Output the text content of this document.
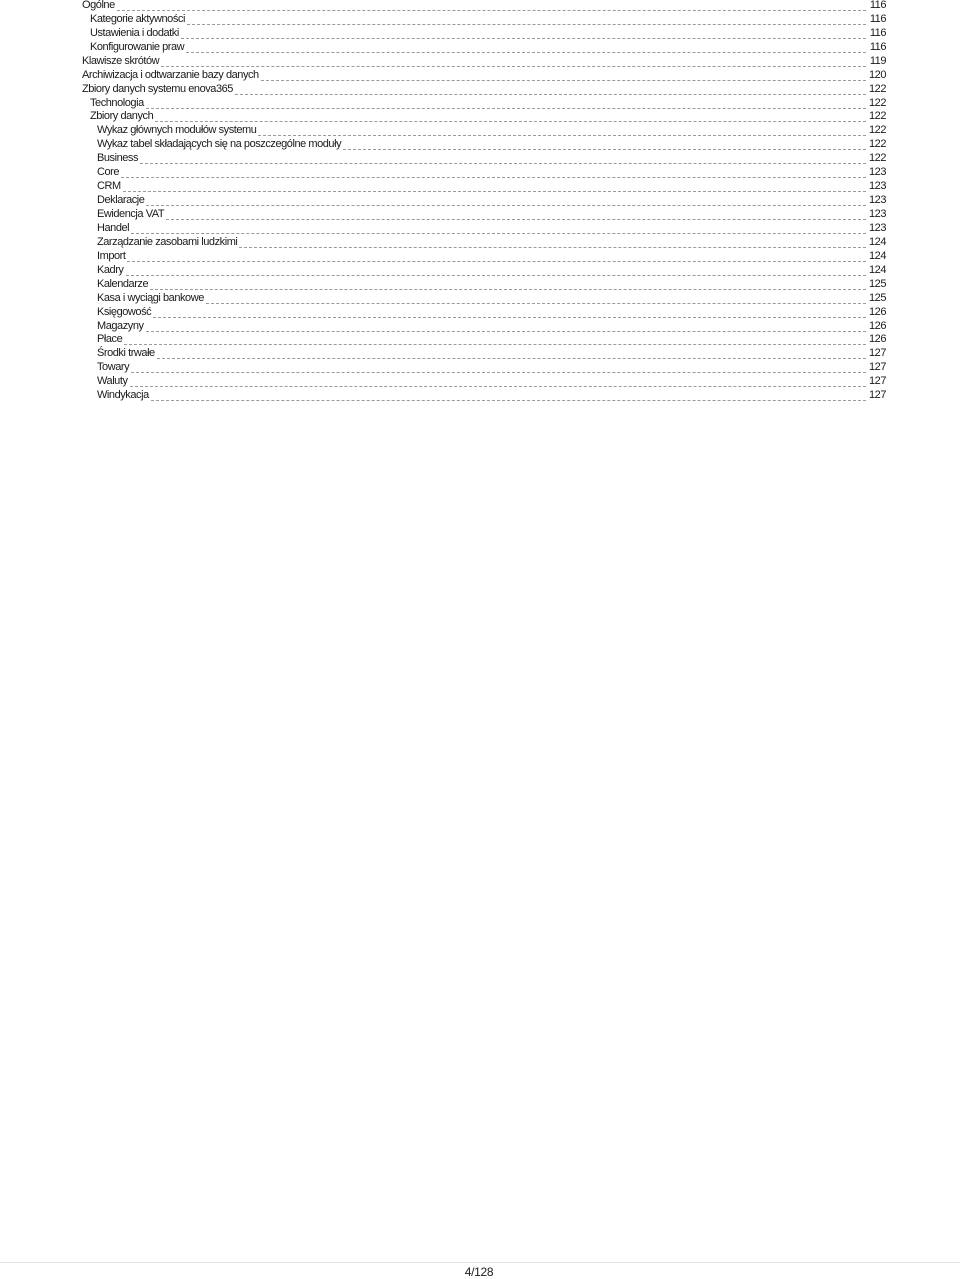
Ogólne	116
Kategorie aktywności	116
Ustawienia i dodatki	116
Konfigurowanie praw	116
Klawisze skrótów	119
Archiwizacja i odtwarzanie bazy danych	120
Zbiory danych systemu enova365	122
Technologia	122
Zbiory danych	122
Wykaz głównych modułów systemu	122
Wykaz tabel składających się na poszczególne moduły	122
Business	122
Core	123
CRM	123
Deklaracje	123
Ewidencja VAT	123
Handel	123
Zarządzanie zasobami ludzkimi	124
Import	124
Kadry	124
Kalendarze	125
Kasa i wyciągi bankowe	125
Księgowość	126
Magazyny	126
Płace	126
Środki trwałe	127
Towary	127
Waluty	127
Windykacja	127
4/128
